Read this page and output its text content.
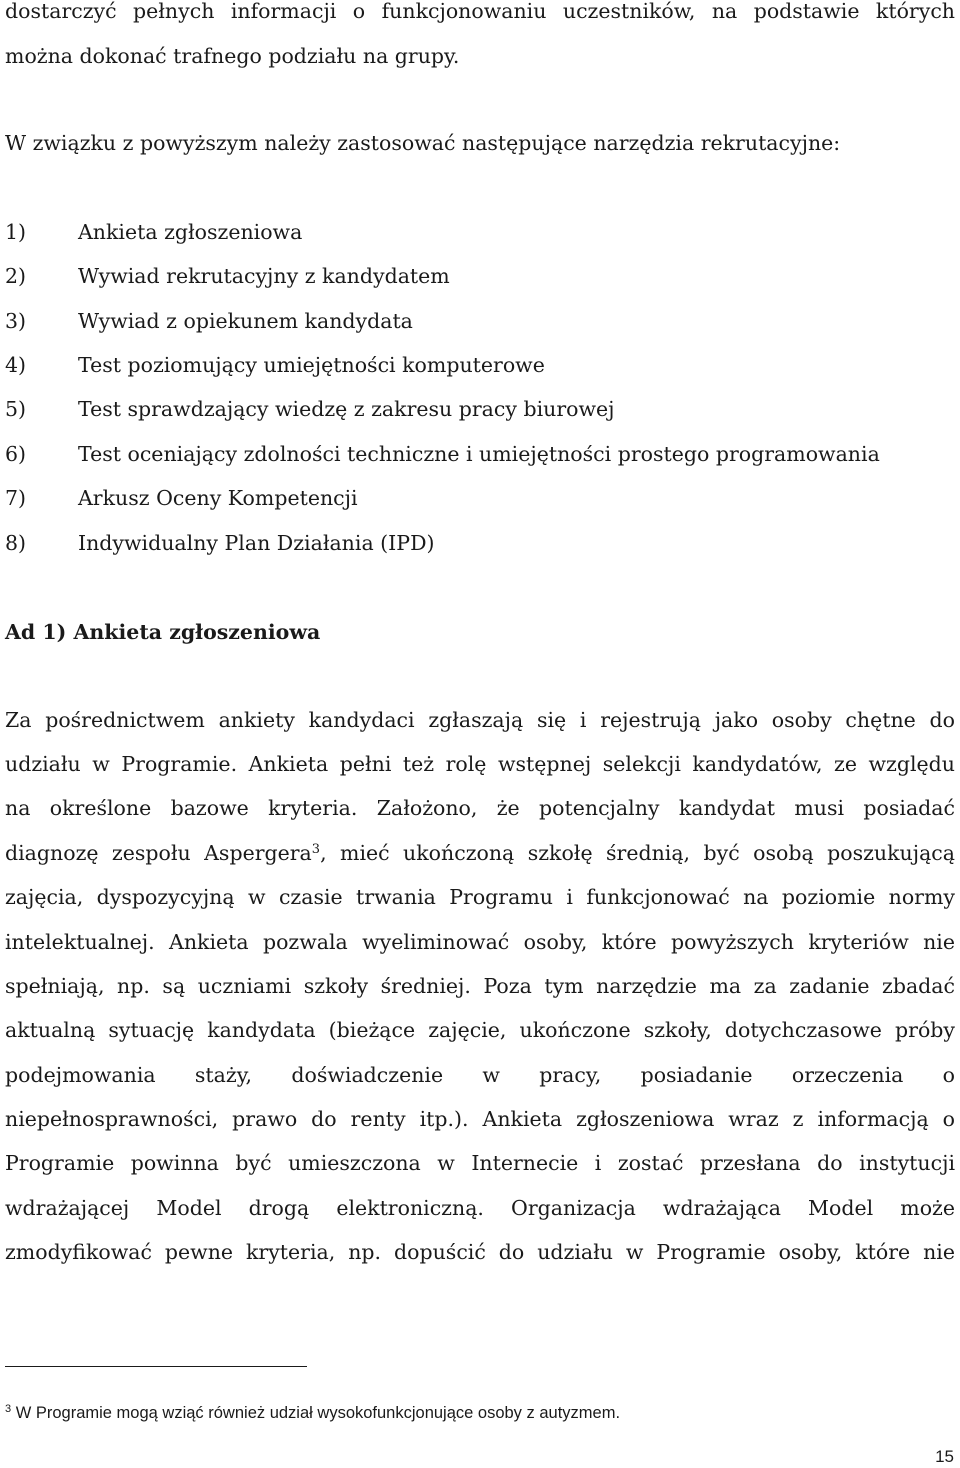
dostarczyć pełnych informacji o funkcjonowaniu uczestników, na podstawie których

można dokonać trafnego podziału na grupy.

W związku z powyższym należy zastosować następujące narzędzia rekrutacyjne:

1)	Ankieta zgłoszeniowa
2)	Wywiad rekrutacyjny z kandydatem
3)	Wywiad z opiekunem kandydata
4)	Test poziomujący umiejętności komputerowe
5)	Test sprawdzający wiedzę z zakresu pracy biurowej
6)	Test oceniający zdolności techniczne i umiejętności prostego programowania
7)	Arkusz Oceny Kompetencji
8)	Indywidualny Plan Działania (IPD)
Ad 1) Ankieta zgłoszeniowa

Za pośrednictwem ankiety kandydaci zgłaszają się i rejestrują jako osoby chętne do

udziału w Programie. Ankieta pełni też rolę wstępnej selekcji kandydatów, ze względu

na określone bazowe kryteria. Założono, że potencjalny kandydat musi posiadać

diagnozę zespołu Aspergera$^3$, mieć ukończoną szkołę średnią, być osobą poszukującą

zajęcia, dyspozycyjną w czasie trwania Programu i funkcjonować na poziomie normy

intelektualnej. Ankieta pozwala wyeliminować osoby, które powyższych kryteriów nie

spełniają, np. są uczniami szkoły średniej. Poza tym narzędzie ma za zadanie zbadać

aktualną sytuację kandydata (bieżące zajęcie, ukończone szkoły, dotychczasowe próby

podejmowania staży, doświadczenie w pracy, posiadanie orzeczenia o

niepełnosprawności, prawo do renty itp.). Ankieta zgłoszeniowa wraz z informacją o

Programie powinna być umieszczona w Internecie i zostać przesłana do instytucji

wdrażającej Model drogą elektroniczną. Organizacja wdrażająca Model może

zmodyfikować pewne kryteria, np. dopuścić do udziału w Programie osoby, które nie

$^3$ W Programie mogą wziąć również udział wysokofunkcjonujące osoby z autyzmem.
15
